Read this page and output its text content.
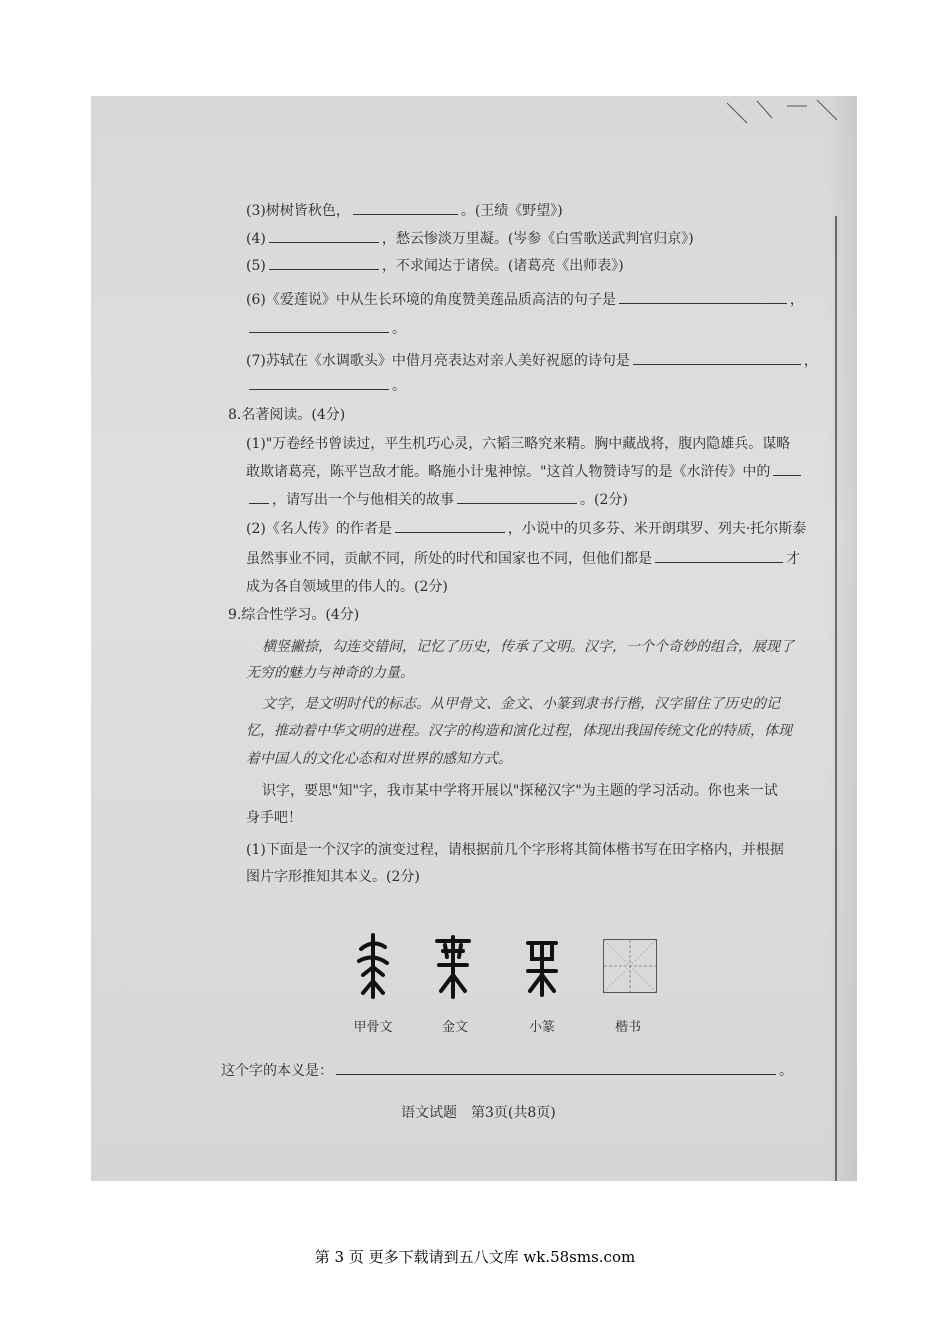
(3)树树皆秋色，	。(王绩《野望》)
(4)	，愁云惨淡万里凝。(岑参《白雪歌送武判官归京》)
(5)	，不求闻达于诸侯。(诸葛亮《出师表》)
(6)《爱莲说》中从生长环境的角度赞美莲品质高洁的句子是	，
。
(7)苏轼在《水调歌头》中借月亮表达对亲人美好祝愿的诗句是	，
。
8.名著阅读。(4分)
(1)"万卷经书曾读过，平生机巧心灵，六韬三略究来精。胸中藏战将，腹内隐雄兵。谋略
敢欺诸葛亮，陈平岂敌才能。略施小计鬼神惊。"这首人物赞诗写的是《水浒传》中的
，请写出一个与他相关的故事	。(2分)
(2)《名人传》的作者是	，小说中的贝多芬、米开朗琪罗、列夫·托尔斯泰
虽然事业不同，贡献不同，所处的时代和国家也不同，但他们都是	才
成为各自领域里的伟人的。(2分)
9.综合性学习。(4分)
横竖撇捺，勾连交错间，记忆了历史，传承了文明。汉字，一个个奇妙的组合，展现了
无穷的魅力与神奇的力量。
文字，是文明时代的标志。从甲骨文、金文、小篆到隶书行楷，汉字留住了历史的记
忆，推动着中华文明的进程。汉字的构造和演化过程，体现出我国传统文化的特质，体现
着中国人的文化心态和对世界的感知方式。
识字，要思"知"字，我市某中学将开展以"探秘汉字"为主题的学习活动。你也来一试
身手吧！
(1)下面是一个汉字的演变过程，请根据前几个字形将其简体楷书写在田字格内，并根据
图片字形推知其本义。(2分)
甲骨文	金文	小篆	楷书
这个字的本义是：	。
语文试题　第3页(共8页)
第 3 页 更多下载请到五八文库 wk.58sms.com
